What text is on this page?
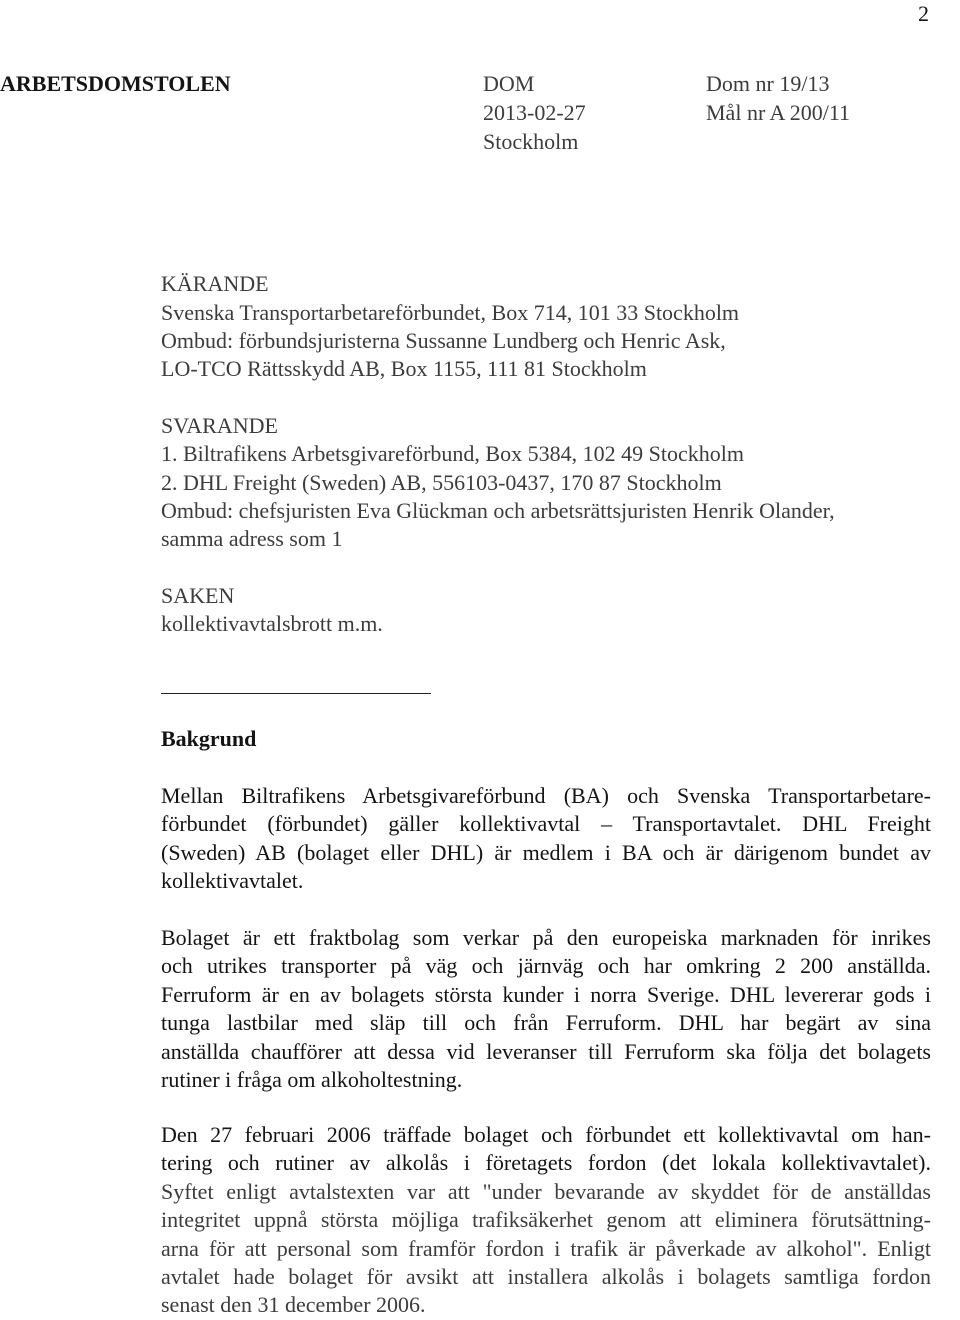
2
ARBETSDOMSTOLEN	DOM
2013-02-27
Stockholm
Dom nr 19/13
Mål nr A 200/11
KÄRANDE
Svenska Transportarbetareförbundet, Box 714, 101 33 Stockholm
Ombud: förbundsjuristerna Sussanne Lundberg och Henric Ask,
LO-TCO Rättsskydd AB, Box 1155, 111 81 Stockholm
SVARANDE
1. Biltrafikens Arbetsgivareförbund, Box 5384, 102 49 Stockholm
2. DHL Freight (Sweden) AB, 556103-0437, 170 87 Stockholm
Ombud: chefsjuristen Eva Glückman och arbetsrättsjuristen Henrik Olander,
samma adress som 1
SAKEN
kollektivavtalsbrott m.m.
Bakgrund
Mellan Biltrafikens Arbetsgivareförbund (BA) och Svenska Transportarbetare-
förbundet (förbundet) gäller kollektivavtal – Transportavtalet. DHL Freight
(Sweden) AB (bolaget eller DHL) är medlem i BA och är därigenom bundet av
kollektivavtalet.
Bolaget är ett fraktbolag som verkar på den europeiska marknaden för inrikes
och utrikes transporter på väg och järnväg och har omkring 2 200 anställda.
Ferruform är en av bolagets största kunder i norra Sverige. DHL levererar gods i
tunga lastbilar med släp till och från Ferruform. DHL har begärt av sina
anställda chaufförer att dessa vid leveranser till Ferruform ska följa det bolagets
rutiner i fråga om alkoholtestning.
Den 27 februari 2006 träffade bolaget och förbundet ett kollektivavtal om han-
tering och rutiner av alkolås i företagets fordon (det lokala kollektivavtalet).
Syftet enligt avtalstexten var att "under bevarande av skyddet för de anställdas
integritet uppnå största möjliga trafiksäkerhet genom att eliminera förutsättning-
arna för att personal som framför fordon i trafik är påverkade av alkohol". Enligt
avtalet hade bolaget för avsikt att installera alkolås i bolagets samtliga fordon
senast den 31 december 2006.
